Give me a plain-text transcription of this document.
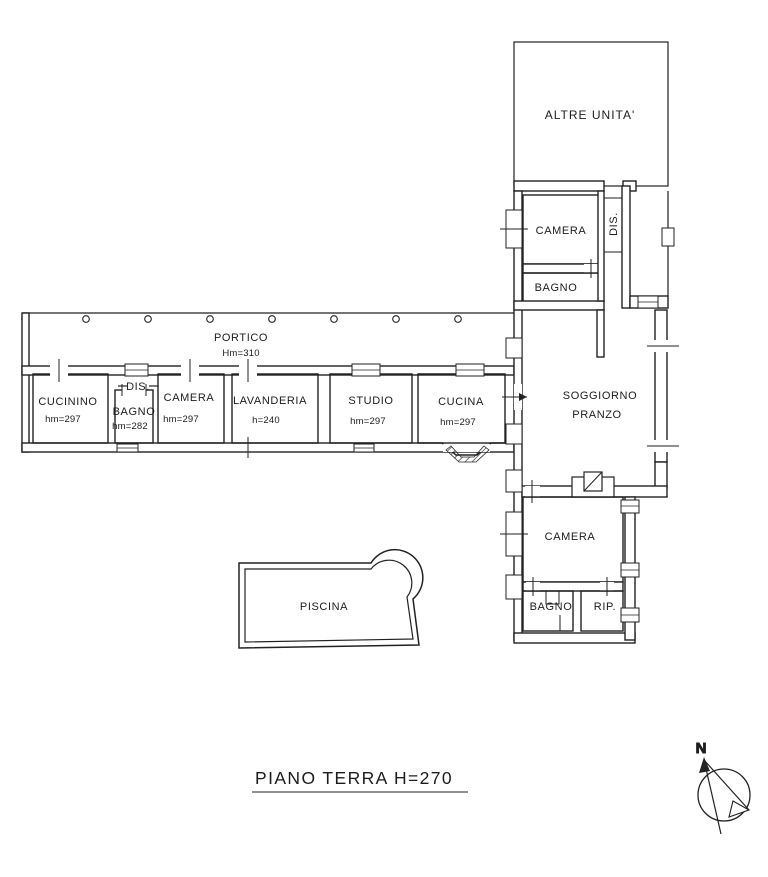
PIANO TERRA H=270
N
PORTICO
Hm=310
CUCININO
hm=297
DIS.
BAGNO
hm=282
CAMERA
hm=297
LAVANDERIA
h=240
STUDIO
hm=297
CUCINA
hm=297
ALTRE UNITA'
CAMERA DIS.
BAGNO
SOGGIORNO
PRANZO
CAMERA
BAGNO RIP.
PISCINA
